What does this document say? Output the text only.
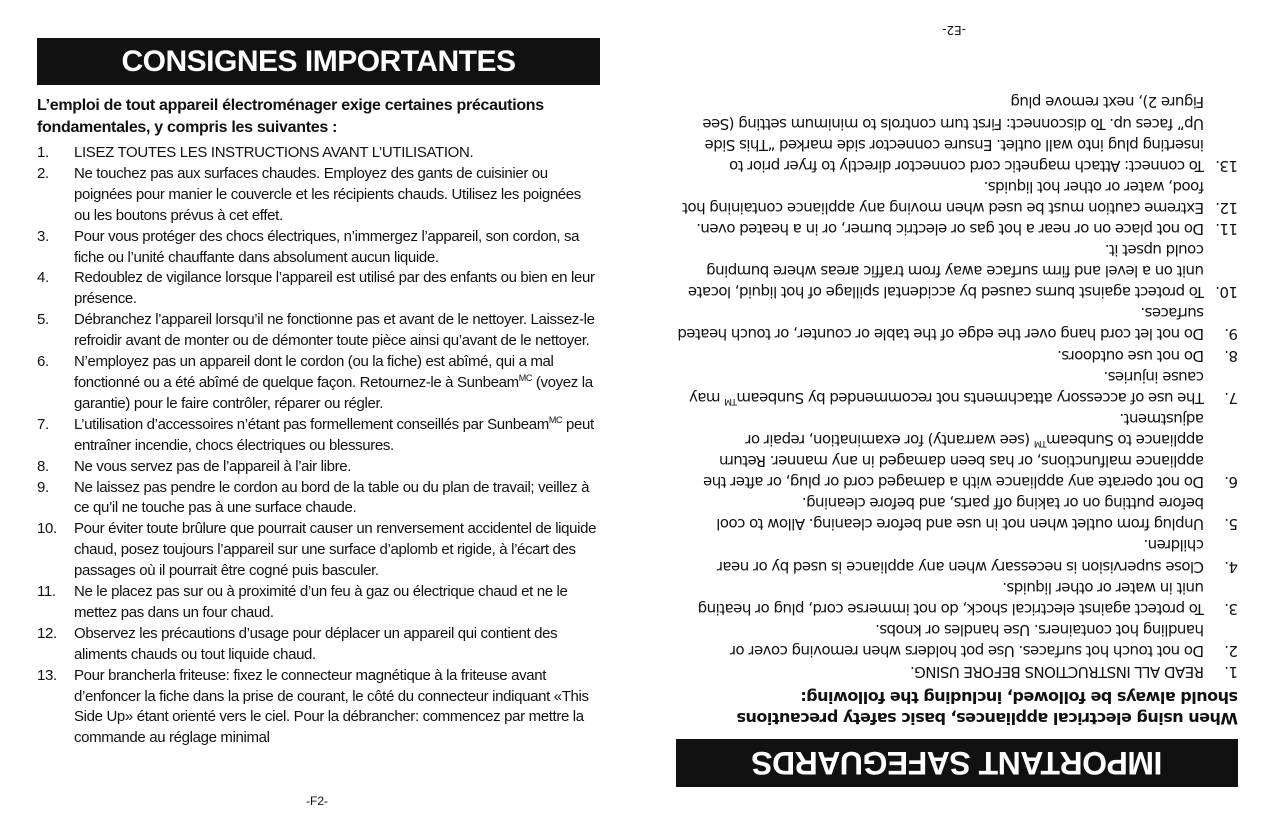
CONSIGNES IMPORTANTES
L’emploi de tout appareil électroménager exige certaines précautions fondamentales, y compris les suivantes :
1.	LISEZ TOUTES LES INSTRUCTIONS AVANT L’UTILISATION.
2.	Ne touchez pas aux surfaces chaudes. Employez des gants de cuisinier ou poignées pour manier le couvercle et les récipients chauds. Utilisez les poignées ou les boutons prévus à cet effet.
3.	Pour vous protéger des chocs électriques, n’immergez l’appareil, son cordon, sa fiche ou l’unité chauffante dans absolument aucun liquide.
4.	Redoublez de vigilance lorsque l’appareil est utilisé par des enfants ou bien en leur présence.
5.	Débranchez l’appareil lorsqu’il ne fonctionne pas et avant de le nettoyer. Laissez-le refroidir avant de monter ou de démonter toute pièce ainsi qu’avant de le nettoyer.
6.	N’employez pas un appareil dont le cordon (ou la fiche) est abîmé, qui a mal fonctionné ou a été abîmé de quelque façon. Retournez-le à Sunbeam$^{MC}$ (voyez la garantie) pour le faire contrôler, réparer ou régler.
7.	L’utilisation d’accessoires n’étant pas formellement conseillés par Sunbeam$^{MC}$ peut entraîner incendie, chocs électriques ou blessures.
8.	Ne vous servez pas de l’appareil à l’air libre.
9.	Ne laissez pas pendre le cordon au bord de la table ou du plan de travail; veillez à ce qu’il ne touche pas à une surface chaude.
10.	Pour éviter toute brûlure que pourrait causer un renversement accidentel de liquide chaud, posez toujours l’appareil sur une surface d’aplomb et rigide, à l’écart des passages où il pourrait être cogné puis basculer.
11.	Ne le placez pas sur ou à proximité d’un feu à gaz ou électrique chaud et ne le mettez pas dans un four chaud.
12.	Observez les précautions d’usage pour déplacer un appareil qui contient des aliments chauds ou tout liquide chaud.
13.	Pour brancherla friteuse: fixez le connecteur magnétique à la friteuse avant d’enfoncer la fiche dans la prise de courant, le côté du connecteur indiquant «This Side Up» étant orienté vers le ciel. Pour la débrancher: commencez par mettre la commande au réglage minimal
-F2-
IMPORTANT SAFEGUARDS
When using electrical appliances, basic safety precautions should always be followed, including the following:
1.
READ ALL INSTRUCTIONS BEFORE USING.
2.
Do not touch hot surfaces. Use pot holders when removing cover or handling hot containers. Use handles or knobs.
3.
To protect against electrical shock, do not immerse cord, plug or heating unit in water or other liquids.
4.
Close supervision is necessary when any appliance is used by or near children.
5.
Unplug from outlet when not in use and before cleaning. Allow to cool before putting on or taking off parts, and before cleaning.
6.
Do not operate any appliance with a damaged cord or plug, or after the appliance malfunctions, or has been damaged in any manner. Return appliance to Sunbeam™ (see warranty) for examination, repair or adjustment.
7.
The use of accessory attachments not recommended by Sunbeam™ may cause injuries.
8.
Do not use outdoors.
9.
Do not let cord hang over the edge of the table or counter, or touch heated surfaces.
10.
To protect against burns caused by accidental spillage of hot liquid, locate unit on a level and firm surface away from traffic areas where bumping could upset it.
11.
Do not place on or near a hot gas or electric burner, or in a heated oven.
12.
Extreme caution must be used when moving any appliance containing hot food, water or other hot liquids.
13.
To connect: Attach magnetic cord connector directly to fryer prior to inserting plug into wall outlet. Ensure connector side marked “This Side Up” faces up. To disconnect: First turn controls to minimum setting (See Figure 2), next remove plug
-E2-
